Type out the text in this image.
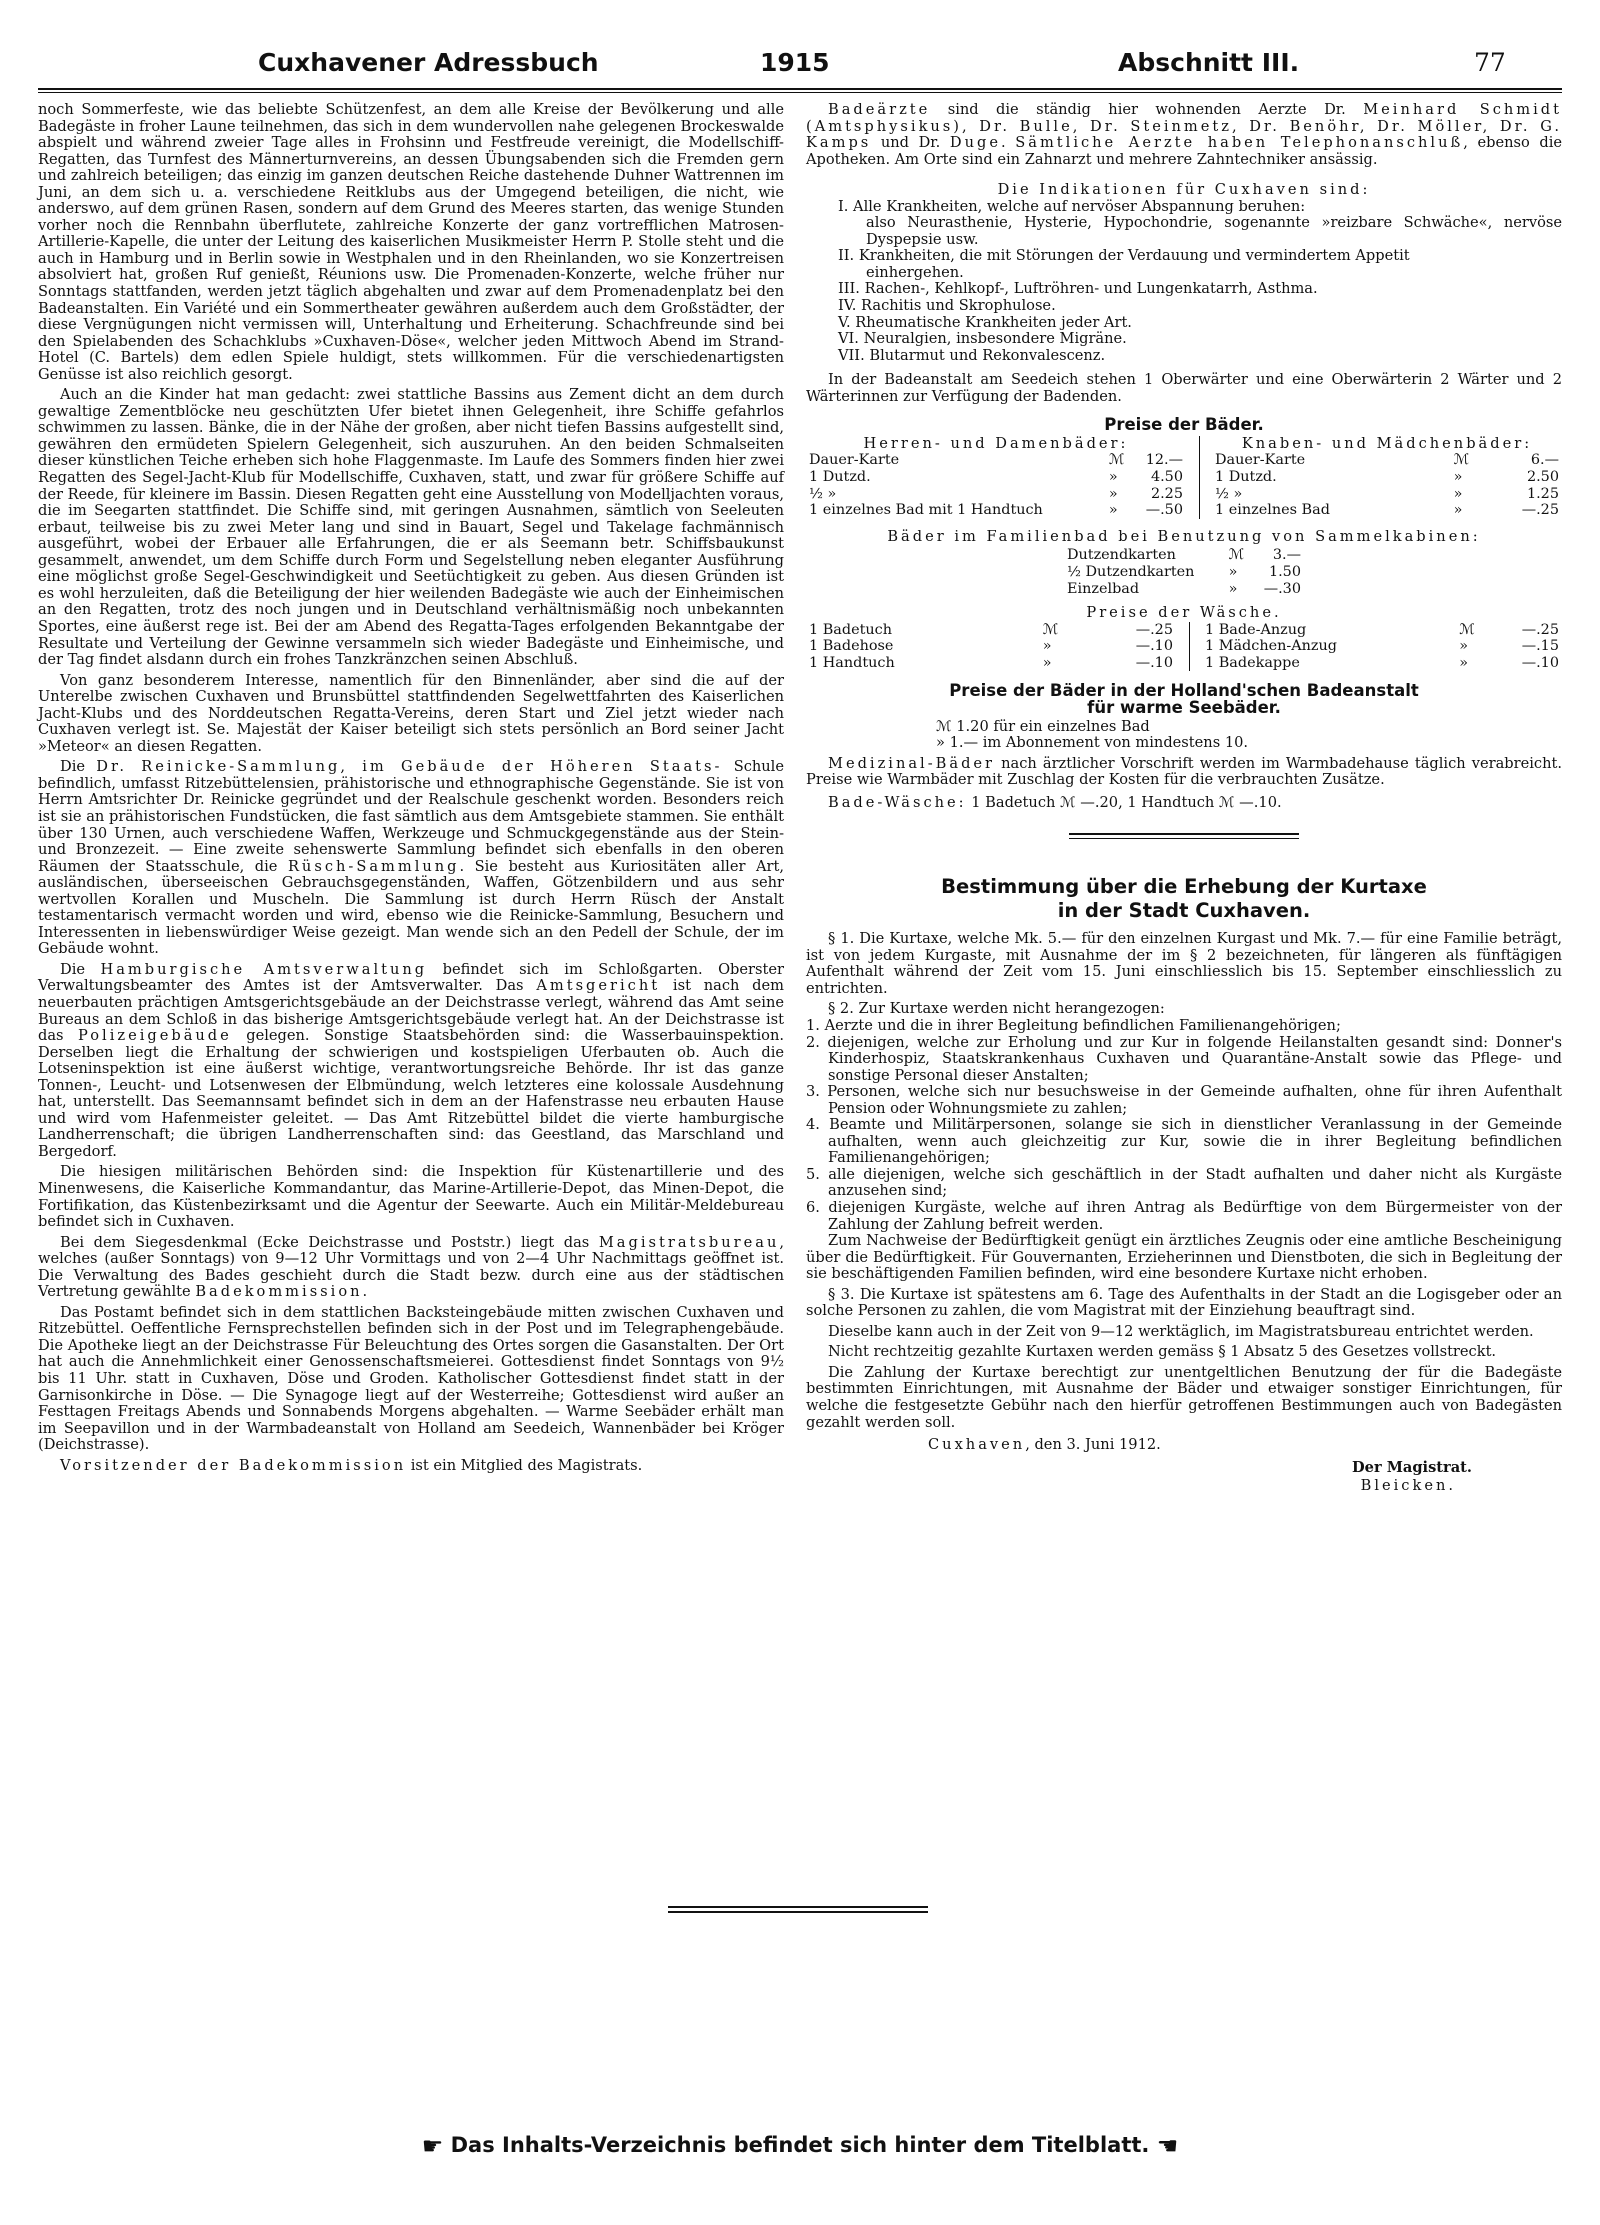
Cuxhavener Adressbuch	1915	Abschnitt III.	77

noch Sommerfeste, wie das beliebte Schützenfest, an dem alle Kreise der Bevölkerung und alle Badegäste in froher Laune teilnehmen, das sich in dem wundervollen nahe gelegenen Brockeswalde abspielt und während zweier Tage alles in Frohsinn und Festfreude vereinigt, die Modellschiff-Regatten, das Turnfest des Männerturnvereins, an dessen Übungsabenden sich die Fremden gern und zahlreich beteiligen; das einzig im ganzen deutschen Reiche dastehende Duhner Wattrennen im Juni, an dem sich u. a. verschiedene Reitklubs aus der Umgegend beteiligen, die nicht, wie anderswo, auf dem grünen Rasen, sondern auf dem Grund des Meeres starten, das wenige Stunden vorher noch die Rennbahn überflutete, zahlreiche Konzerte der ganz vortrefflichen Matrosen-Artillerie-Kapelle, die unter der Leitung des kaiserlichen Musikmeister Herrn P. Stolle steht und die auch in Hamburg und in Berlin sowie in Westphalen und in den Rheinlanden, wo sie Konzertreisen absolviert hat, großen Ruf genießt, Réunions usw. Die Promenaden-Konzerte, welche früher nur Sonntags stattfanden, werden jetzt täglich abgehalten und zwar auf dem Promenadenplatz bei den Badeanstalten. Ein Variété und ein Sommertheater gewähren außerdem auch dem Großstädter, der diese Vergnügungen nicht vermissen will, Unterhaltung und Erheiterung. Schachfreunde sind bei den Spielabenden des Schachklubs »Cuxhaven-Döse«, welcher jeden Mittwoch Abend im Strand-Hotel (C. Bartels) dem edlen Spiele huldigt, stets willkommen. Für die verschiedenartigsten Genüsse ist also reichlich gesorgt.

Auch an die Kinder hat man gedacht: zwei stattliche Bassins aus Zement dicht an dem durch gewaltige Zementblöcke neu geschützten Ufer bietet ihnen Gelegenheit, ihre Schiffe gefahrlos schwimmen zu lassen. Bänke, die in der Nähe der großen, aber nicht tiefen Bassins aufgestellt sind, gewähren den ermüdeten Spielern Gelegenheit, sich auszuruhen. An den beiden Schmalseiten dieser künstlichen Teiche erheben sich hohe Flaggenmaste. Im Laufe des Sommers finden hier zwei Regatten des Segel-Jacht-Klub für Modellschiffe, Cuxhaven, statt, und zwar für größere Schiffe auf der Reede, für kleinere im Bassin. Diesen Regatten geht eine Ausstellung von Modelljachten voraus, die im Seegarten stattfindet. Die Schiffe sind, mit geringen Ausnahmen, sämtlich von Seeleuten erbaut, teilweise bis zu zwei Meter lang und sind in Bauart, Segel und Takelage fachmännisch ausgeführt, wobei der Erbauer alle Erfahrungen, die er als Seemann betr. Schiffsbaukunst gesammelt, anwendet, um dem Schiffe durch Form und Segelstellung neben eleganter Ausführung eine möglichst große Segel-Geschwindigkeit und Seetüchtigkeit zu geben. Aus diesen Gründen ist es wohl herzuleiten, daß die Beteiligung der hier weilenden Badegäste wie auch der Einheimischen an den Regatten, trotz des noch jungen und in Deutschland verhältnismäßig noch unbekannten Sportes, eine äußerst rege ist. Bei der am Abend des Regatta-Tages erfolgenden Bekanntgabe der Resultate und Verteilung der Gewinne versammeln sich wieder Badegäste und Einheimische, und der Tag findet alsdann durch ein frohes Tanzkränzchen seinen Abschluß.

Von ganz besonderem Interesse, namentlich für den Binnenländer, aber sind die auf der Unterelbe zwischen Cuxhaven und Brunsbüttel stattfindenden Segelwettfahrten des Kaiserlichen Jacht-Klubs und des Norddeutschen Regatta-Vereins, deren Start und Ziel jetzt wieder nach Cuxhaven verlegt ist. Se. Majestät der Kaiser beteiligt sich stets persönlich an Bord seiner Jacht »Meteor« an diesen Regatten.

Die Dr. Reinicke-Sammlung, im Gebäude der Höheren Staats- Schule befindlich, umfasst Ritzebüttelensien, prähistorische und ethnographische Gegenstände. Sie ist von Herrn Amtsrichter Dr. Reinicke gegründet und der Realschule geschenkt worden. Besonders reich ist sie an prähistorischen Fundstücken, die fast sämtlich aus dem Amtsgebiete stammen. Sie enthält über 130 Urnen, auch verschiedene Waffen, Werkzeuge und Schmuckgegenstände aus der Stein- und Bronzezeit. — Eine zweite sehenswerte Sammlung befindet sich ebenfalls in den oberen Räumen der Staatsschule, die Rüsch-Sammlung. Sie besteht aus Kuriositäten aller Art, ausländischen, überseeischen Gebrauchsgegenständen, Waffen, Götzenbildern und aus sehr wertvollen Korallen und Muscheln. Die Sammlung ist durch Herrn Rüsch der Anstalt testamentarisch vermacht worden und wird, ebenso wie die Reinicke-Sammlung, Besuchern und Interessenten in liebenswürdiger Weise gezeigt. Man wende sich an den Pedell der Schule, der im Gebäude wohnt.

Die Hamburgische Amtsverwaltung befindet sich im Schloßgarten. Oberster Verwaltungsbeamter des Amtes ist der Amtsverwalter. Das Amtsgericht ist nach dem neuerbauten prächtigen Amtsgerichtsgebäude an der Deichstrasse verlegt, während das Amt seine Bureaus an dem Schloß in das bisherige Amtsgerichtsgebäude verlegt hat. An der Deichstrasse ist das Polizeigebäude gelegen. Sonstige Staatsbehörden sind: die Wasserbauinspektion. Derselben liegt die Erhaltung der schwierigen und kostspieligen Uferbauten ob. Auch die Lotseninspektion ist eine äußerst wichtige, verantwortungsreiche Behörde. Ihr ist das ganze Tonnen-, Leucht- und Lotsenwesen der Elbmündung, welch letzteres eine kolossale Ausdehnung hat, unterstellt. Das Seemannsamt befindet sich in dem an der Hafenstrasse neu erbauten Hause und wird vom Hafenmeister geleitet. — Das Amt Ritzebüttel bildet die vierte hamburgische Landherrenschaft; die übrigen Landherrenschaften sind: das Geestland, das Marschland und Bergedorf.

Die hiesigen militärischen Behörden sind: die Inspektion für Küstenartillerie und des Minenwesens, die Kaiserliche Kommandantur, das Marine-Artillerie-Depot, das Minen-Depot, die Fortifikation, das Küstenbezirksamt und die Agentur der Seewarte. Auch ein Militär-Meldebureau befindet sich in Cuxhaven.

Bei dem Siegesdenkmal (Ecke Deichstrasse und Poststr.) liegt das Magistratsbureau, welches (außer Sonntags) von 9—12 Uhr Vormittags und von 2—4 Uhr Nachmittags geöffnet ist. Die Verwaltung des Bades geschieht durch die Stadt bezw. durch eine aus der städtischen Vertretung gewählte Badekommission.

Das Postamt befindet sich in dem stattlichen Backsteingebäude mitten zwischen Cuxhaven und Ritzebüttel. Oeffentliche Fernsprechstellen befinden sich in der Post und im Telegraphengebäude. Die Apotheke liegt an der Deichstrasse Für Beleuchtung des Ortes sorgen die Gasanstalten. Der Ort hat auch die Annehmlichkeit einer Genossenschaftsmeierei. Gottesdienst findet Sonntags von 9½ bis 11 Uhr. statt in Cuxhaven, Döse und Groden. Katholischer Gottesdienst findet statt in der Garnisonkirche in Döse. — Die Synagoge liegt auf der Westerreihe; Gottesdienst wird außer an Festtagen Freitags Abends und Sonnabends Morgens abgehalten. — Warme Seebäder erhält man im Seepavillon und in der Warmbadeanstalt von Holland am Seedeich, Wannenbäder bei Kröger (Deichstrasse).

Vorsitzender der Badekommission ist ein Mitglied des Magistrats.

Badeärzte sind die ständig hier wohnenden Aerzte Dr. Meinhard Schmidt (Amtsphysikus), Dr. Bulle, Dr. Steinmetz, Dr. Benöhr, Dr. Möller, Dr. G. Kamps und Dr. Duge. Sämtliche Aerzte haben Telephonanschluß, ebenso die Apotheken. Am Orte sind ein Zahnarzt und mehrere Zahntechniker ansässig.

Die Indikationen für Cuxhaven sind:

I. Alle Krankheiten, welche auf nervöser Abspannung beruhen:
also Neurasthenie, Hysterie, Hypochondrie, sogenannte »reizbare Schwäche«, nervöse Dyspepsie usw.
II. Krankheiten, die mit Störungen der Verdauung und vermindertem Appetit
einhergehen.
III. Rachen-, Kehlkopf-, Luftröhren- und Lungenkatarrh, Asthma.
IV. Rachitis und Skrophulose.
V. Rheumatische Krankheiten jeder Art.
VI. Neuralgien, insbesondere Migräne.
VII. Blutarmut und Rekonvalescenz.

In der Badeanstalt am Seedeich stehen 1 Oberwärter und eine Oberwärterin 2 Wärter und 2 Wärterinnen zur Verfügung der Badenden.

Preise der Bäder.
Herren- und Damenbäder:
Dauer-Karte	ℳ	12.—
1 Dutzd.	»	4.50
½ »	»	2.25
1 einzelnes Bad mit 1 Handtuch	»	—.50
Knaben- und Mädchenbäder:
Dauer-Karte	ℳ	6.—
1 Dutzd.	»	2.50
½ »	»	1.25
1 einzelnes Bad	»	—.25

Bäder im Familienbad bei Benutzung von Sammelkabinen:

Dutzendkarten	ℳ	3.—
½ Dutzendkarten	»	1.50
Einzelbad	»	—.30

Preise der Wäsche.

1 Badetuch	ℳ	—.25
1 Badehose	»	—.10
1 Handtuch	»	—.10
1 Bade-Anzug	ℳ	—.25
1 Mädchen-Anzug	»	—.15
1 Badekappe	»	—.10
Preise der Bäder in der Holland'schen Badeanstalt
für warme Seebäder.

ℳ 1.20 für ein einzelnes Bad

» 1.— im Abonnement von mindestens 10.

Medizinal-Bäder nach ärztlicher Vorschrift werden im Warmbadehause täglich verabreicht. Preise wie Warmbäder mit Zuschlag der Kosten für die verbrauchten Zusätze.

Bade-Wäsche: 1 Badetuch ℳ —.20, 1 Handtuch ℳ —.10.

Bestimmung über die Erhebung der Kurtaxe
in der Stadt Cuxhaven.

§ 1. Die Kurtaxe, welche Mk. 5.— für den einzelnen Kurgast und Mk. 7.— für eine Familie beträgt, ist von jedem Kurgaste, mit Ausnahme der im § 2 bezeichneten, für längeren als fünftägigen Aufenthalt während der Zeit vom 15. Juni einschliesslich bis 15. September einschliesslich zu entrichten.

§ 2. Zur Kurtaxe werden nicht herangezogen:

1. Aerzte und die in ihrer Begleitung befindlichen Familienangehörigen;
2. diejenigen, welche zur Erholung und zur Kur in folgende Heilanstalten gesandt sind: Donner's Kinderhospiz, Staatskrankenhaus Cuxhaven und Quarantäne-Anstalt sowie das Pflege- und sonstige Personal dieser Anstalten;
3. Personen, welche sich nur besuchsweise in der Gemeinde aufhalten, ohne für ihren Aufenthalt Pension oder Wohnungsmiete zu zahlen;
4. Beamte und Militärpersonen, solange sie sich in dienstlicher Veranlassung in der Gemeinde aufhalten, wenn auch gleichzeitig zur Kur, sowie die in ihrer Begleitung befindlichen Familienangehörigen;
5. alle diejenigen, welche sich geschäftlich in der Stadt aufhalten und daher nicht als Kurgäste anzusehen sind;
6. diejenigen Kurgäste, welche auf ihren Antrag als Bedürftige von dem Bürgermeister von der Zahlung der Zahlung befreit werden.

Zum Nachweise der Bedürftigkeit genügt ein ärztliches Zeugnis oder eine amtliche Bescheinigung über die Bedürftigkeit. Für Gouvernanten, Erzieherinnen und Dienstboten, die sich in Begleitung der sie beschäftigenden Familien befinden, wird eine besondere Kurtaxe nicht erhoben.

§ 3. Die Kurtaxe ist spätestens am 6. Tage des Aufenthalts in der Stadt an die Logisgeber oder an solche Personen zu zahlen, die vom Magistrat mit der Einziehung beauftragt sind.

Dieselbe kann auch in der Zeit von 9—12 werktäglich, im Magistratsbureau entrichtet werden.

Nicht rechtzeitig gezahlte Kurtaxen werden gemäss § 1 Absatz 5 des Gesetzes vollstreckt.

Die Zahlung der Kurtaxe berechtigt zur unentgeltlichen Benutzung der für die Badegäste bestimmten Einrichtungen, mit Ausnahme der Bäder und etwaiger sonstiger Einrichtungen, für welche die festgesetzte Gebühr nach den hierfür getroffenen Bestimmungen auch von Badegästen gezahlt werden soll.

Cuxhaven, den 3. Juni 1912.

Der Magistrat.

Bleicken.

☛ Das Inhalts-Verzeichnis befindet sich hinter dem Titelblatt. ☚
